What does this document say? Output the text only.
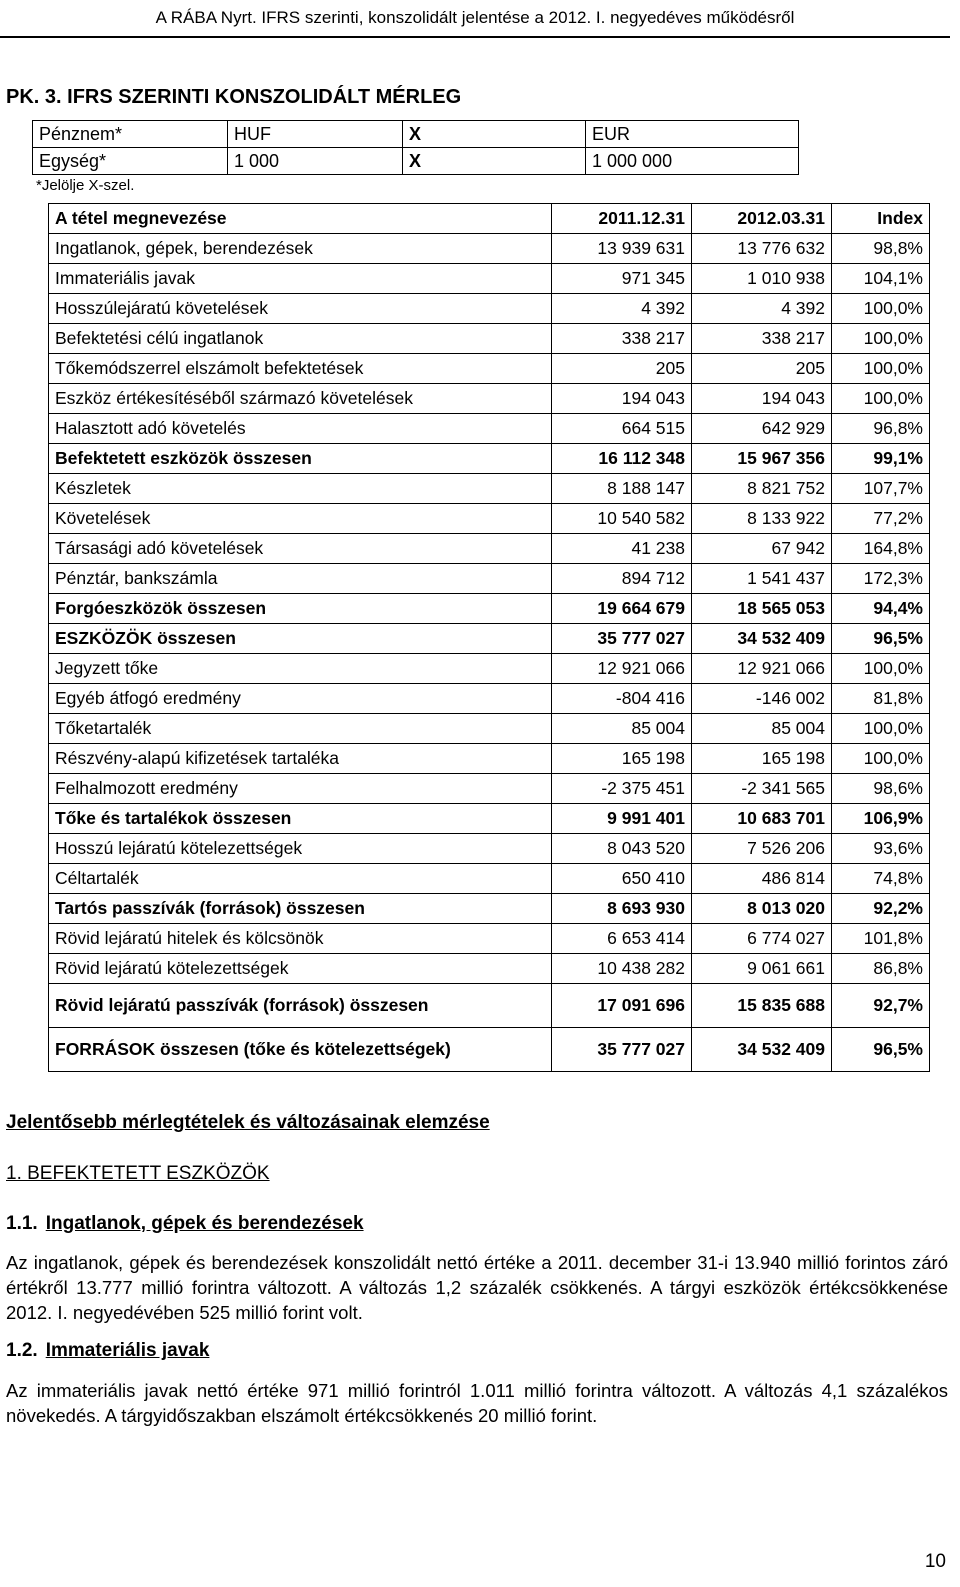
A RÁBA Nyrt. IFRS szerinti, konszolidált jelentése a 2012. I. negyedéves működésről
PK. 3. IFRS SZERINTI KONSZOLIDÁLT MÉRLEG
Pénznem*	HUF	X	EUR
Egység*	1 000	X	1 000 000
*Jelölje X-szel.
A tétel megnevezése	2011.12.31	2012.03.31	Index
Ingatlanok, gépek, berendezések	13 939 631	13 776 632	98,8%
Immateriális javak	971 345	1 010 938	104,1%
Hosszúlejáratú követelések	4 392	4 392	100,0%
Befektetési célú ingatlanok	338 217	338 217	100,0%
Tőkemódszerrel elszámolt befektetések	205	205	100,0%
Eszköz értékesítéséből származó követelések	194 043	194 043	100,0%
Halasztott adó követelés	664 515	642 929	96,8%
Befektetett eszközök összesen	16 112 348	15 967 356	99,1%
Készletek	8 188 147	8 821 752	107,7%
Követelések	10 540 582	8 133 922	77,2%
Társasági adó követelések	41 238	67 942	164,8%
Pénztár, bankszámla	894 712	1 541 437	172,3%
Forgóeszközök összesen	19 664 679	18 565 053	94,4%
ESZKÖZÖK összesen	35 777 027	34 532 409	96,5%
Jegyzett tőke	12 921 066	12 921 066	100,0%
Egyéb átfogó eredmény	-804 416	-146 002	81,8%
Tőketartalék	85 004	85 004	100,0%
Részvény-alapú kifizetések tartaléka	165 198	165 198	100,0%
Felhalmozott eredmény	-2 375 451	-2 341 565	98,6%
Tőke és tartalékok összesen	9 991 401	10 683 701	106,9%
Hosszú lejáratú kötelezettségek	8 043 520	7 526 206	93,6%
Céltartalék	650 410	486 814	74,8%
Tartós passzívák (források) összesen	8 693 930	8 013 020	92,2%
Rövid lejáratú hitelek és kölcsönök	6 653 414	6 774 027	101,8%
Rövid lejáratú kötelezettségek	10 438 282	9 061 661	86,8%
Rövid lejáratú passzívák (források) összesen	17 091 696	15 835 688	92,7%
FORRÁSOK összesen (tőke és kötelezettségek)	35 777 027	34 532 409	96,5%
Jelentősebb mérlegtételek és változásainak elemzése
1. BEFEKTETETT ESZKÖZÖK
1.1. Ingatlanok, gépek és berendezések
Az ingatlanok, gépek és berendezések konszolidált nettó értéke a 2011. december 31-i 13.940 millió forintos záró értékről 13.777 millió forintra változott. A változás 1,2 százalék csökkenés. A tárgyi eszközök értékcsökkenése 2012. I. negyedévében 525 millió forint volt.
1.2. Immateriális javak
Az immateriális javak nettó értéke 971 millió forintról 1.011 millió forintra változott. A változás 4,1 százalékos növekedés. A tárgyidőszakban elszámolt értékcsökkenés 20 millió forint.
10
